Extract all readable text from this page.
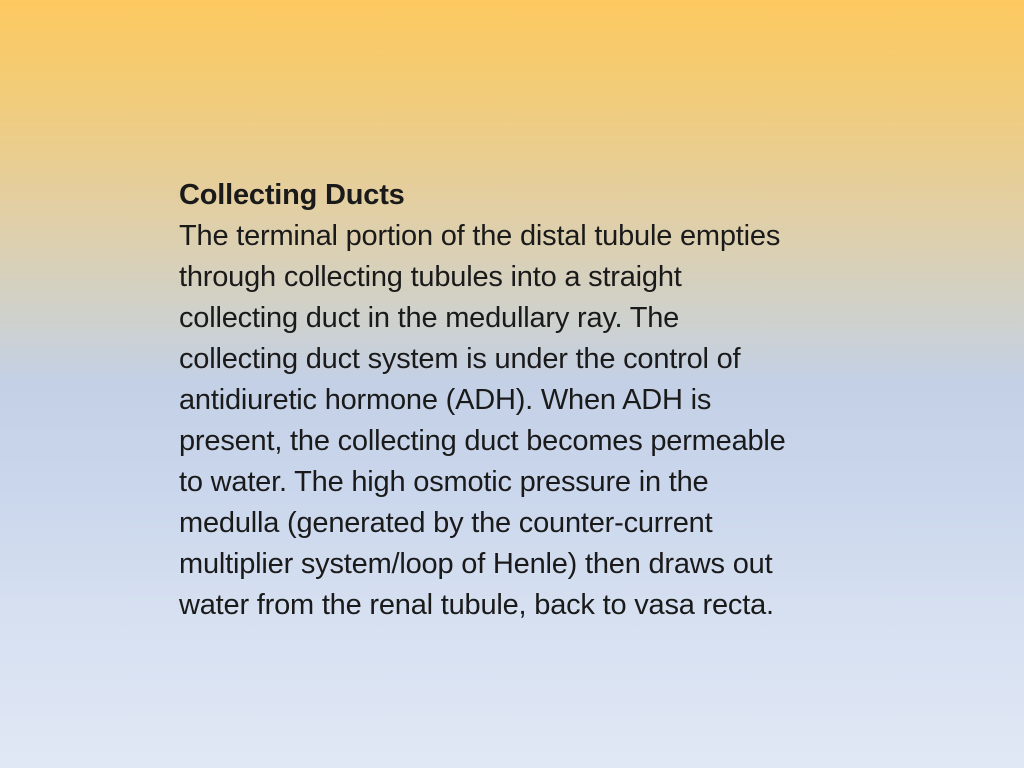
Collecting Ducts
The terminal portion of the distal tubule empties
through collecting tubules into a straight
collecting duct in the medullary ray. The
collecting duct system is under the control of
antidiuretic hormone (ADH). When ADH is
present, the collecting duct becomes permeable
to water. The high osmotic pressure in the
medulla (generated by the counter-current
multiplier system/loop of Henle) then draws out
water from the renal tubule, back to vasa recta.
